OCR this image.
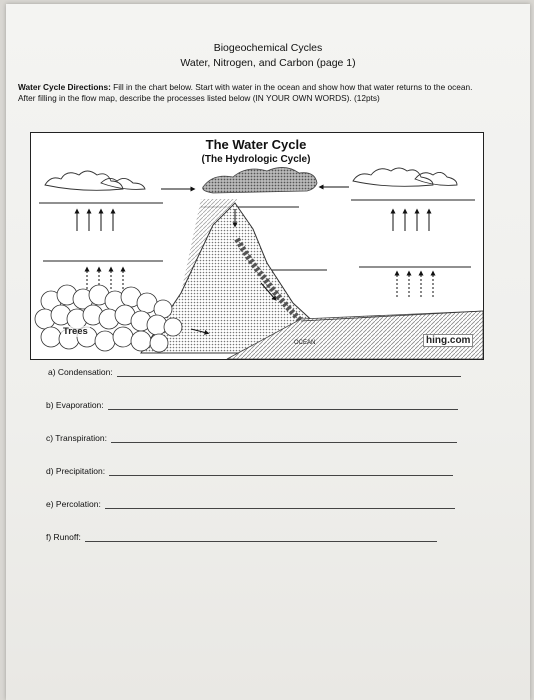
Biogeochemical Cycles
Water, Nitrogen, and Carbon (page 1)
Water Cycle Directions: Fill in the chart below. Start with water in the ocean and show how that water returns to the ocean. After filling in the flow map, describe the processes listed below (IN YOUR OWN WORDS). (12pts)
The Water Cycle
(The Hydrologic Cycle)
Trees
OCEAN	hing.com
a) Condensation:
b) Evaporation:
c) Transpiration:
d) Precipitation:
e) Percolation:
f) Runoff:
